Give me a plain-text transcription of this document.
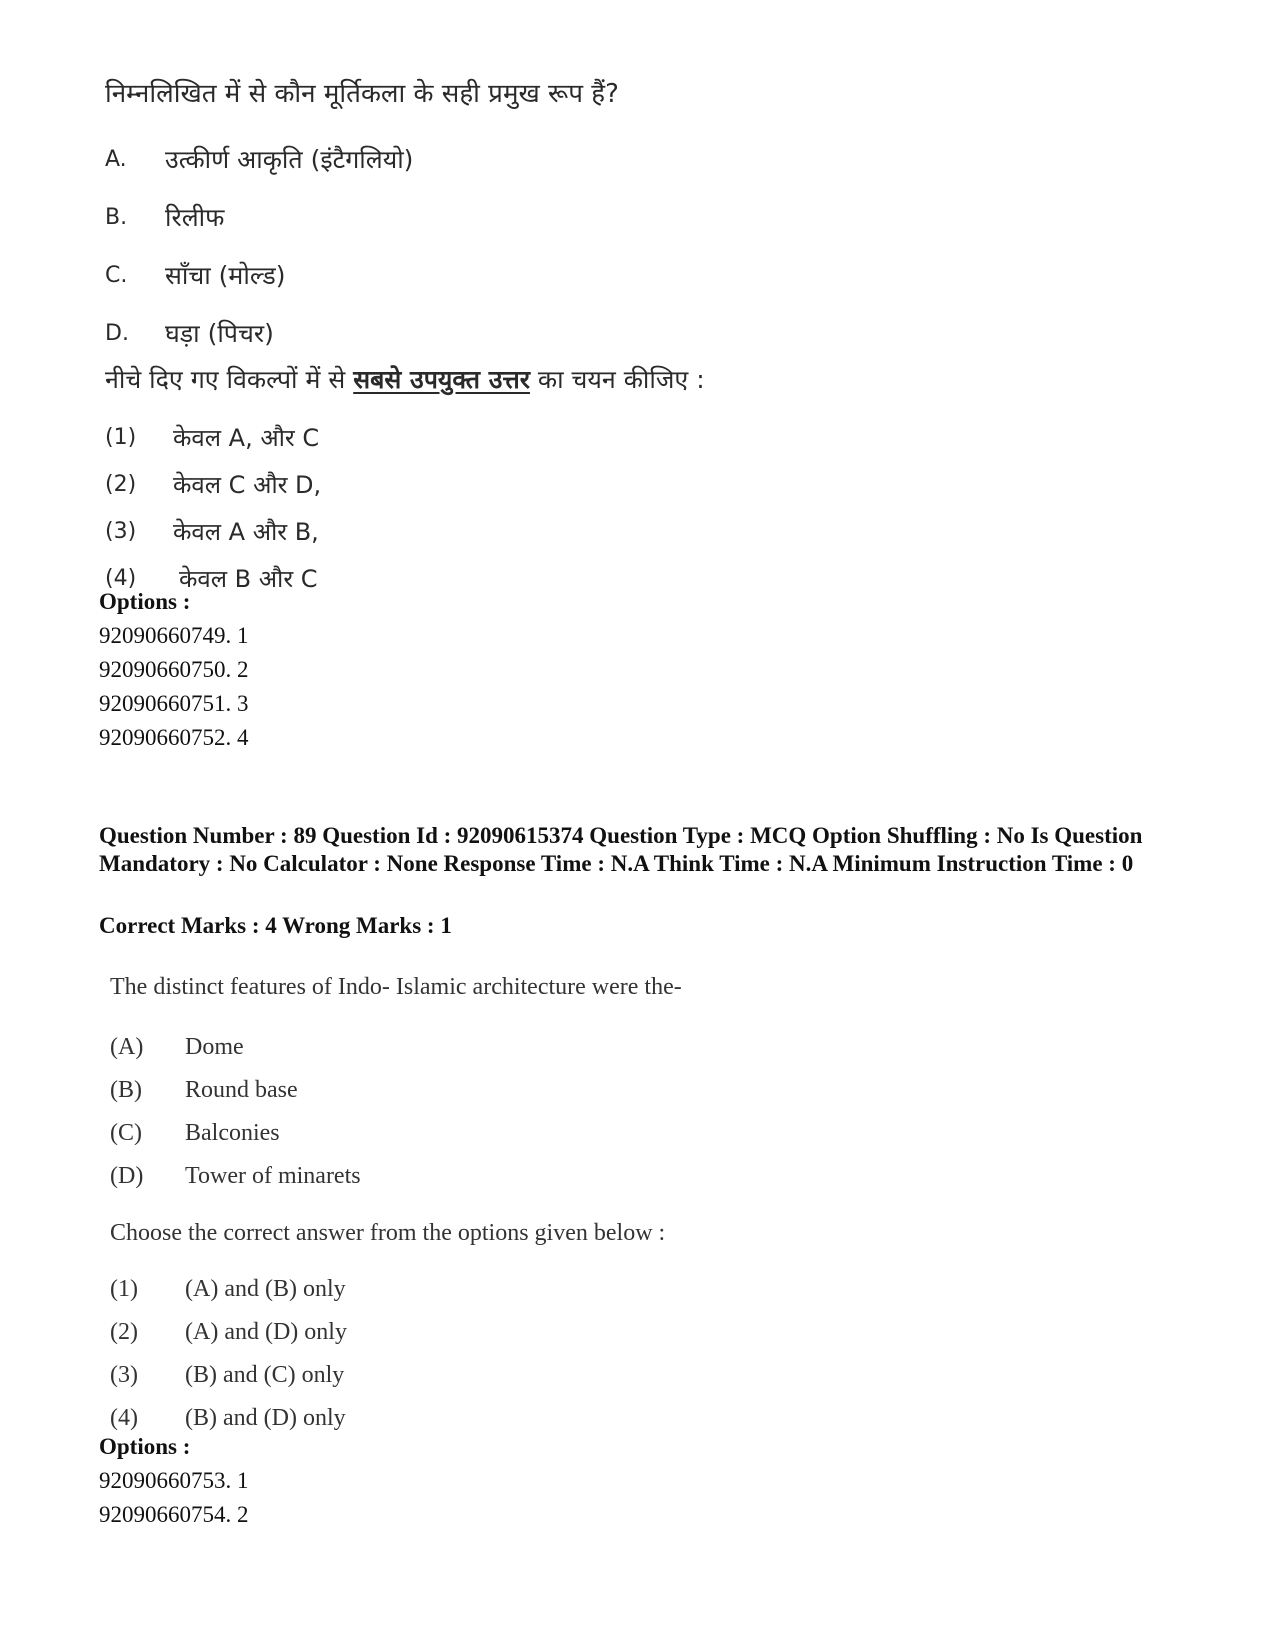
निम्नलिखित में से कौन मूर्तिकला के सही प्रमुख रूप हैं?
A.	उत्कीर्ण आकृति (इंटैगलियो)
B.	रिलीफ
C.	साँचा (मोल्ड)
D.	घड़ा (पिचर)
नीचे दिए गए विकल्पों में से सबसे उपयुक्त उत्तर का चयन कीजिए :
(1)	केवल A, और C
(2)	केवल C और D,
(3)	केवल A और B,
(4)	केवल B और C
Options :
92090660749. 1
92090660750. 2
92090660751. 3
92090660752. 4
Question Number : 89 Question Id : 92090615374 Question Type : MCQ Option Shuffling : No Is Question Mandatory : No Calculator : None Response Time : N.A Think Time : N.A Minimum Instruction Time : 0
Correct Marks : 4 Wrong Marks : 1
The distinct features of Indo- Islamic architecture were the-
(A)	Dome
(B)	Round base
(C)	Balconies
(D)	Tower of minarets
Choose the correct answer from the options given below :
(1)	(A) and (B) only
(2)	(A) and (D) only
(3)	(B) and (C) only
(4)	(B) and (D) only
Options :
92090660753. 1
92090660754. 2
